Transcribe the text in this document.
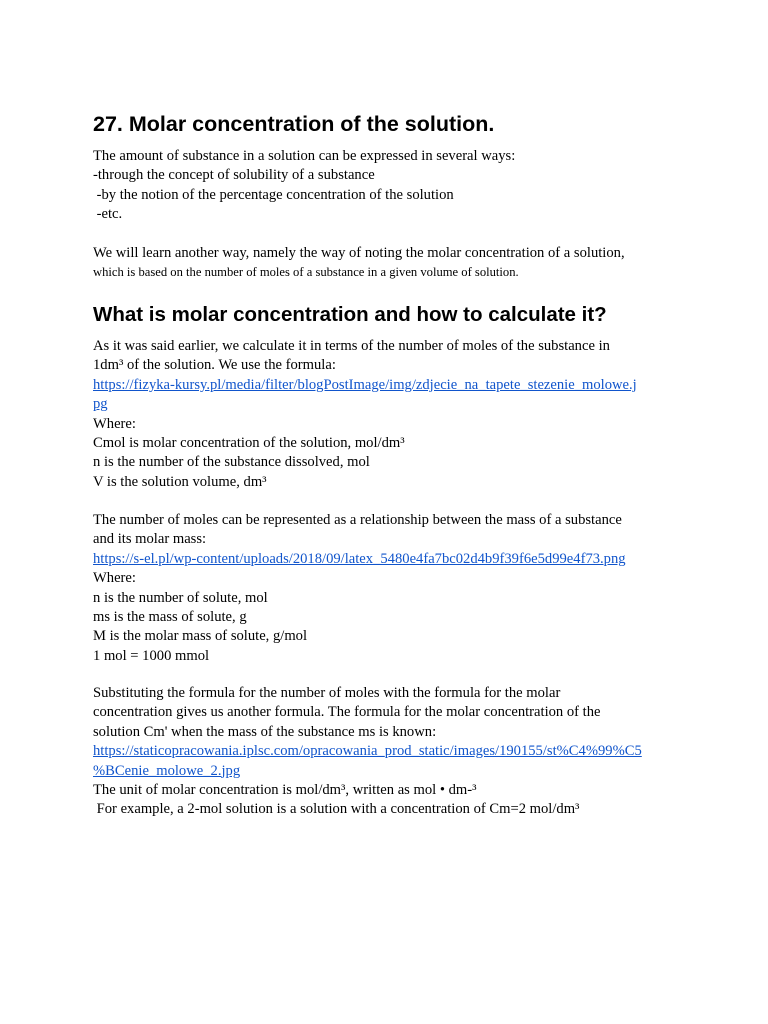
27. Molar concentration of the solution.
The amount of substance in a solution can be expressed in several ways:
-through the concept of solubility of a substance
-by the notion of the percentage concentration of the solution
-etc.
We will learn another way, namely the way of noting the molar concentration of a solution,
which is based on the number of moles of a substance in a given volume of solution.
What is molar concentration and how to calculate it?
As it was said earlier, we calculate it in terms of the number of moles of the substance in
1dm³ of the solution. We use the formula:
https://fizyka-kursy.pl/media/filter/blogPostImage/img/zdjecie_na_tapete_stezenie_molowe.j
pg
Where:
Cmol is molar concentration of the solution, mol/dm³
n is the number of the substance dissolved, mol
V is the solution volume, dm³
The number of moles can be represented as a relationship between the mass of a substance
and its molar mass:
https://s-el.pl/wp-content/uploads/2018/09/latex_5480e4fa7bc02d4b9f39f6e5d99e4f73.png
Where:
n is the number of solute, mol
ms is the mass of solute, g
M is the molar mass of solute, g/mol
1 mol = 1000 mmol
Substituting the formula for the number of moles with the formula for the molar
concentration gives us another formula. The formula for the molar concentration of the
solution Cm' when the mass of the substance ms is known:
https://staticopracowania.iplsc.com/opracowania_prod_static/images/190155/st%C4%99%C5
%BCenie_molowe_2.jpg
The unit of molar concentration is mol/dm³, written as mol • dm-³
For example, a 2-mol solution is a solution with a concentration of Cm=2 mol/dm³
